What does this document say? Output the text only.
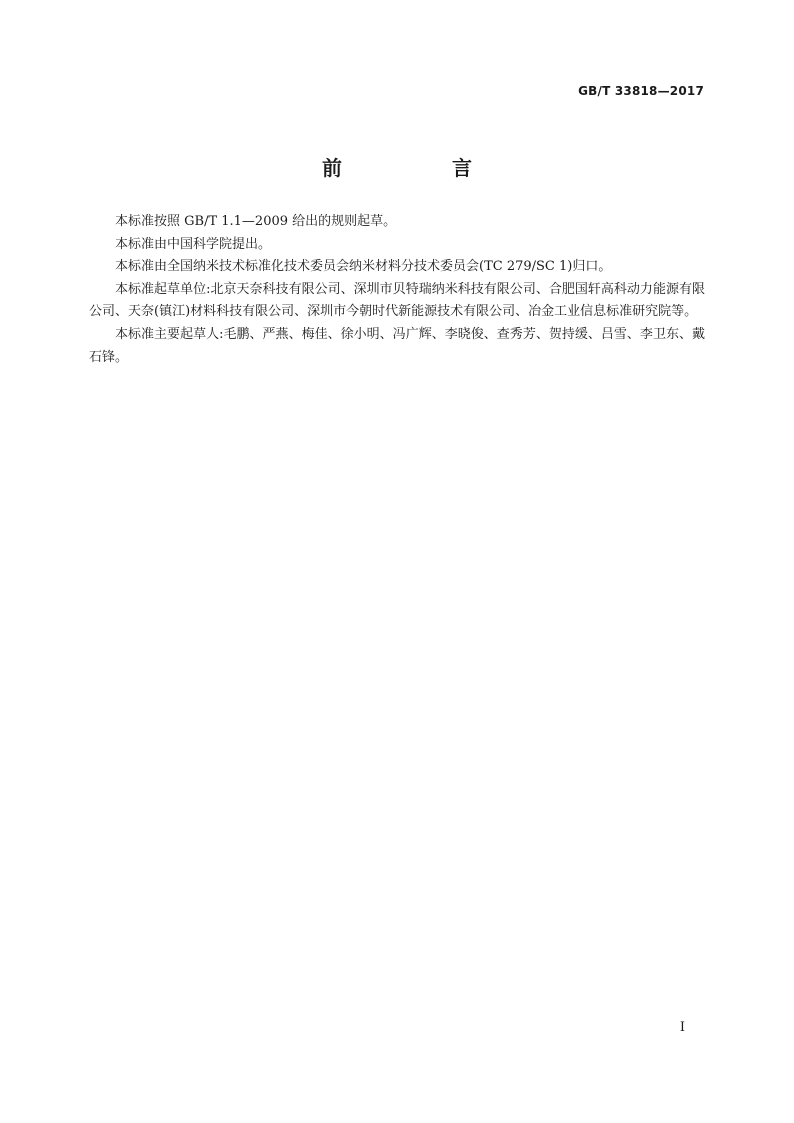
GB/T 33818—2017
前　言

本标准按照 GB/T 1.1—2009 给出的规则起草。

本标准由中国科学院提出。

本标准由全国纳米技术标准化技术委员会纳米材料分技术委员会(TC 279/SC 1)归口。

本标准起草单位:北京天奈科技有限公司、深圳市贝特瑞纳米科技有限公司、合肥国轩高科动力能源有限公司、天奈(镇江)材料科技有限公司、深圳市今朝时代新能源技术有限公司、冶金工业信息标准研究院等。

本标准主要起草人:毛鹏、严燕、梅佳、徐小明、冯广辉、李晓俊、查秀芳、贺持缓、吕雪、李卫东、戴石锋。

I
